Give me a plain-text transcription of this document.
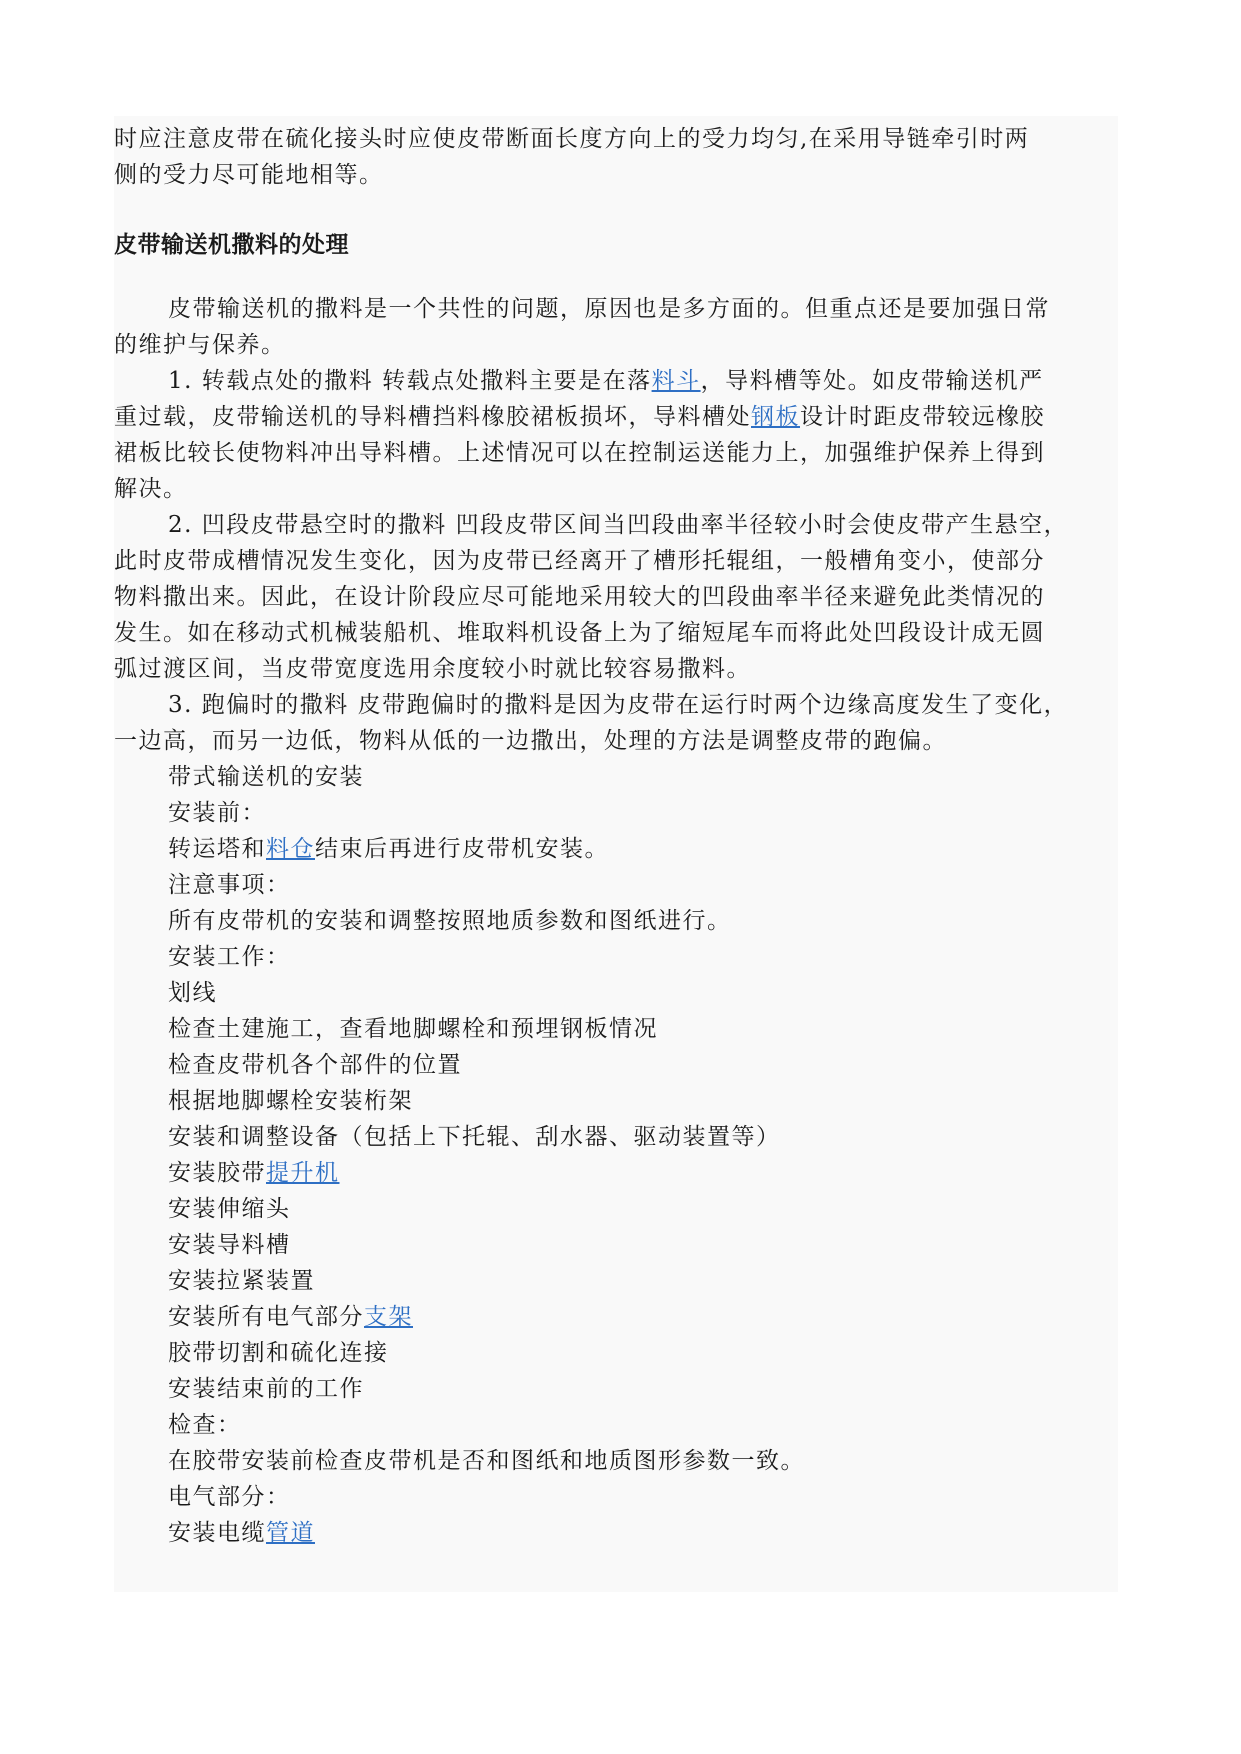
时应注意皮带在硫化接头时应使皮带断面长度方向上的受力均匀,在采用导链牵引时两
侧的受力尽可能地相等。
皮带输送机撒料的处理
皮带输送机的撒料是一个共性的问题，原因也是多方面的。但重点还是要加强日常
的维护与保养。
1. 转载点处的撒料 转载点处撒料主要是在落料斗，导料槽等处。如皮带输送机严
重过载，皮带输送机的导料槽挡料橡胶裙板损坏，导料槽处钢板设计时距皮带较远橡胶
裙板比较长使物料冲出导料槽。上述情况可以在控制运送能力上，加强维护保养上得到
解决。
2. 凹段皮带悬空时的撒料 凹段皮带区间当凹段曲率半径较小时会使皮带产生悬空，
此时皮带成槽情况发生变化，因为皮带已经离开了槽形托辊组，一般槽角变小，使部分
物料撒出来。因此，在设计阶段应尽可能地采用较大的凹段曲率半径来避免此类情况的
发生。如在移动式机械装船机、堆取料机设备上为了缩短尾车而将此处凹段设计成无圆
弧过渡区间，当皮带宽度选用余度较小时就比较容易撒料。
3. 跑偏时的撒料 皮带跑偏时的撒料是因为皮带在运行时两个边缘高度发生了变化，
一边高，而另一边低，物料从低的一边撒出，处理的方法是调整皮带的跑偏。
带式输送机的安装
安装前：
转运塔和料仓结束后再进行皮带机安装。
注意事项：
所有皮带机的安装和调整按照地质参数和图纸进行。
安装工作：
划线
检查土建施工，查看地脚螺栓和预埋钢板情况
检查皮带机各个部件的位置
根据地脚螺栓安装桁架
安装和调整设备（包括上下托辊、刮水器、驱动装置等）
安装胶带提升机
安装伸缩头
安装导料槽
安装拉紧装置
安装所有电气部分支架
胶带切割和硫化连接
安装结束前的工作
检查：
在胶带安装前检查皮带机是否和图纸和地质图形参数一致。
电气部分：
安装电缆管道
